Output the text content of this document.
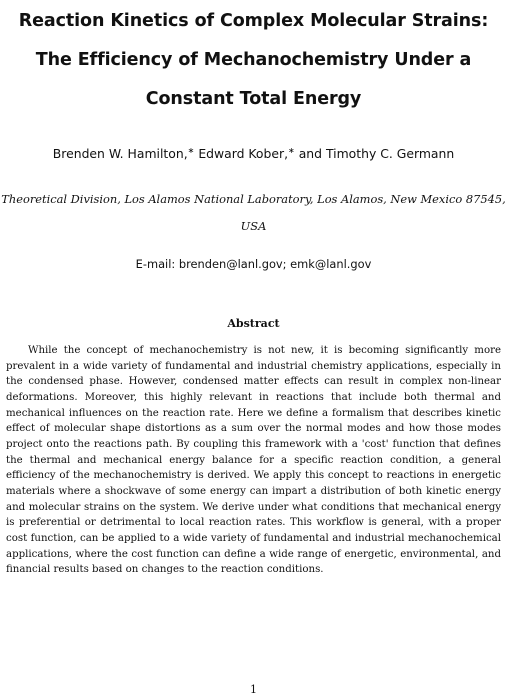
Reaction Kinetics of Complex Molecular Strains:
The Efficiency of Mechanochemistry Under a
Constant Total Energy
Brenden W. Hamilton,∗ Edward Kober,∗ and Timothy C. Germann
Theoretical Division, Los Alamos National Laboratory, Los Alamos, New Mexico 87545, USA
E-mail: brenden@lanl.gov; emk@lanl.gov
Abstract

While the concept of mechanochemistry is not new, it is becoming significantly more prevalent in a wide variety of fundamental and industrial chemistry applications, especially in the condensed phase. However, condensed matter effects can result in complex non-linear deformations. Moreover, this highly relevant in reactions that include both thermal and mechanical influences on the reaction rate. Here we define a formalism that describes kinetic effect of molecular shape distortions as a sum over the normal modes and how those modes project onto the reactions path. By coupling this framework with a 'cost' function that defines the thermal and mechanical energy balance for a specific reaction condition, a general efficiency of the mechanochemistry is derived. We apply this concept to reactions in energetic materials where a shockwave of some energy can impart a distribution of both kinetic energy and molecular strains on the system. We derive under what conditions that mechanical energy is preferential or detrimental to local reaction rates. This workflow is general, with a proper cost function, can be applied to a wide variety of fundamental and industrial mechanochemical applications, where the cost function can define a wide range of energetic, environmental, and financial results based on changes to the reaction conditions.

1
